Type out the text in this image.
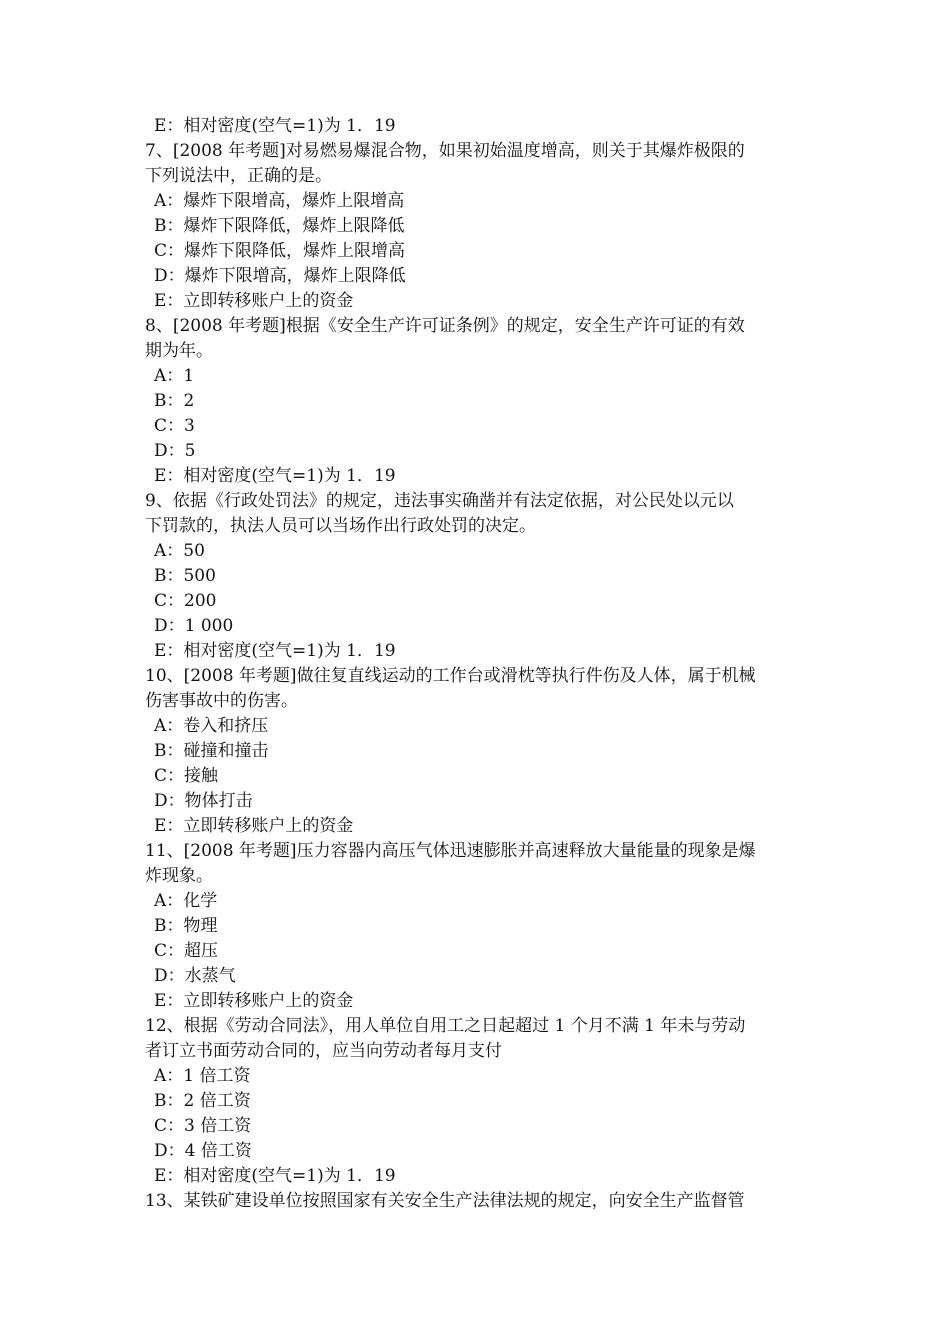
E：相对密度(空气=1)为 1．19
7、[2008 年考题]对易燃易爆混合物，如果初始温度增高，则关于其爆炸极限的
下列说法中，正确的是。
A：爆炸下限增高，爆炸上限增高
B：爆炸下限降低，爆炸上限降低
C：爆炸下限降低，爆炸上限增高
D：爆炸下限增高，爆炸上限降低
E：立即转移账户上的资金
8、[2008 年考题]根据《安全生产许可证条例》的规定，安全生产许可证的有效
期为年。
A：1
B：2
C：3
D：5
E：相对密度(空气=1)为 1．19
9、依据《行政处罚法》的规定，违法事实确凿并有法定依据，对公民处以元以
下罚款的，执法人员可以当场作出行政处罚的决定。
A：50
B：500
C：200
D：1 000
E：相对密度(空气=1)为 1．19
10、[2008 年考题]做往复直线运动的工作台或滑枕等执行件伤及人体，属于机械
伤害事故中的伤害。
A：卷入和挤压
B：碰撞和撞击
C：接触
D：物体打击
E：立即转移账户上的资金
11、[2008 年考题]压力容器内高压气体迅速膨胀并高速释放大量能量的现象是爆
炸现象。
A：化学
B：物理
C：超压
D：水蒸气
E：立即转移账户上的资金
12、根据《劳动合同法》，用人单位自用工之日起超过 1 个月不满 1 年未与劳动
者订立书面劳动合同的，应当向劳动者每月支付
A：1 倍工资
B：2 倍工资
C：3 倍工资
D：4 倍工资
E：相对密度(空气=1)为 1．19
13、某铁矿建设单位按照国家有关安全生产法律法规的规定，向安全生产监督管
